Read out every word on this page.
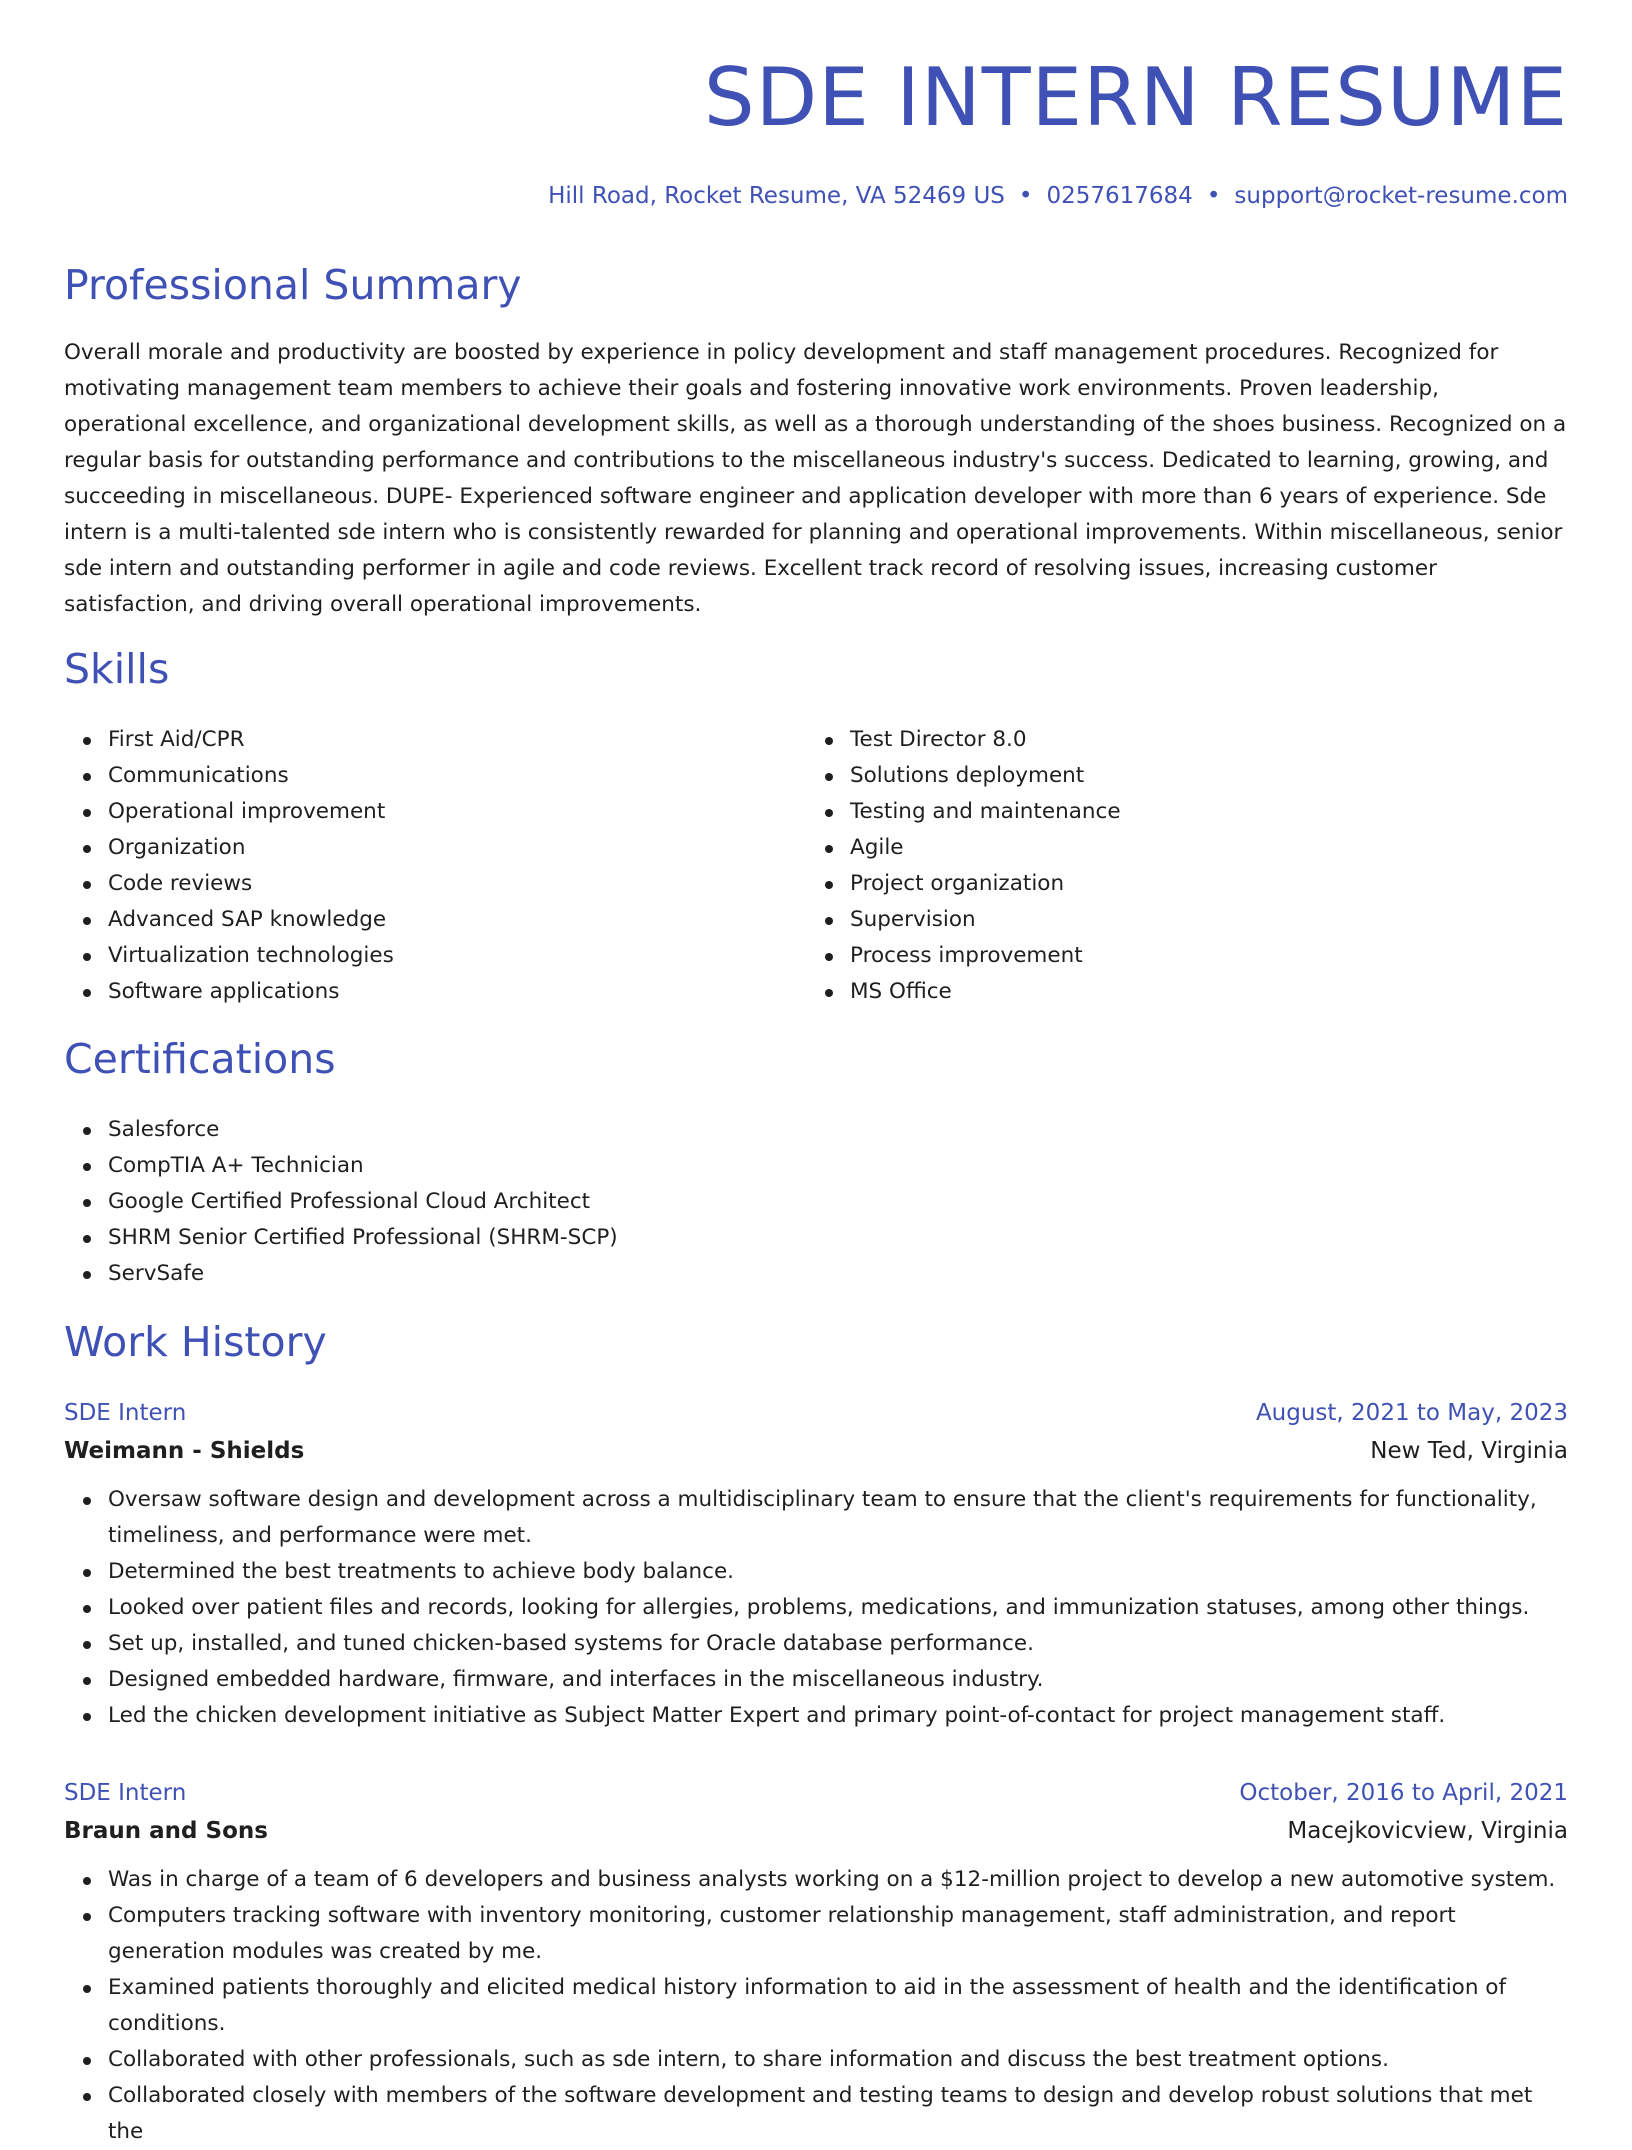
SDE INTERN RESUME
Hill Road, Rocket Resume, VA 52469 US • 0257617684 • support@rocket-resume.com
Professional Summary

Overall morale and productivity are boosted by experience in policy development and staff management procedures. Recognized for motivating management team members to achieve their goals and fostering innovative work environments. Proven leadership, operational excellence, and organizational development skills, as well as a thorough understanding of the shoes business. Recognized on a regular basis for outstanding performance and contributions to the miscellaneous industry's success. Dedicated to learning, growing, and succeeding in miscellaneous. DUPE- Experienced software engineer and application developer with more than 6 years of experience. Sde intern is a multi-talented sde intern who is consistently rewarded for planning and operational improvements. Within miscellaneous, senior sde intern and outstanding performer in agile and code reviews. Excellent track record of resolving issues, increasing customer satisfaction, and driving overall operational improvements.

Skills
First Aid/CPR
Communications
Operational improvement
Organization
Code reviews
Advanced SAP knowledge
Virtualization technologies
Software applications
Test Director 8.0
Solutions deployment
Testing and maintenance
Agile
Project organization
Supervision
Process improvement
MS Office
Certifications
Salesforce
CompTIA A+ Technician
Google Certified Professional Cloud Architect
SHRM Senior Certified Professional (SHRM-SCP)
ServSafe
Work History
SDE Intern	August, 2021 to May, 2023
Weimann - Shields	New Ted, Virginia
Oversaw software design and development across a multidisciplinary team to ensure that the client's requirements for functionality, timeliness, and performance were met.
Determined the best treatments to achieve body balance.
Looked over patient files and records, looking for allergies, problems, medications, and immunization statuses, among other things.
Set up, installed, and tuned chicken-based systems for Oracle database performance.
Designed embedded hardware, firmware, and interfaces in the miscellaneous industry.
Led the chicken development initiative as Subject Matter Expert and primary point-of-contact for project management staff.
SDE Intern	October, 2016 to April, 2021
Braun and Sons	Macejkovicview, Virginia
Was in charge of a team of 6 developers and business analysts working on a $12-million project to develop a new automotive system.
Computers tracking software with inventory monitoring, customer relationship management, staff administration, and report generation modules was created by me.
Examined patients thoroughly and elicited medical history information to aid in the assessment of health and the identification of conditions.
Collaborated with other professionals, such as sde intern, to share information and discuss the best treatment options.
Collaborated closely with members of the software development and testing teams to design and develop robust solutions that met the
